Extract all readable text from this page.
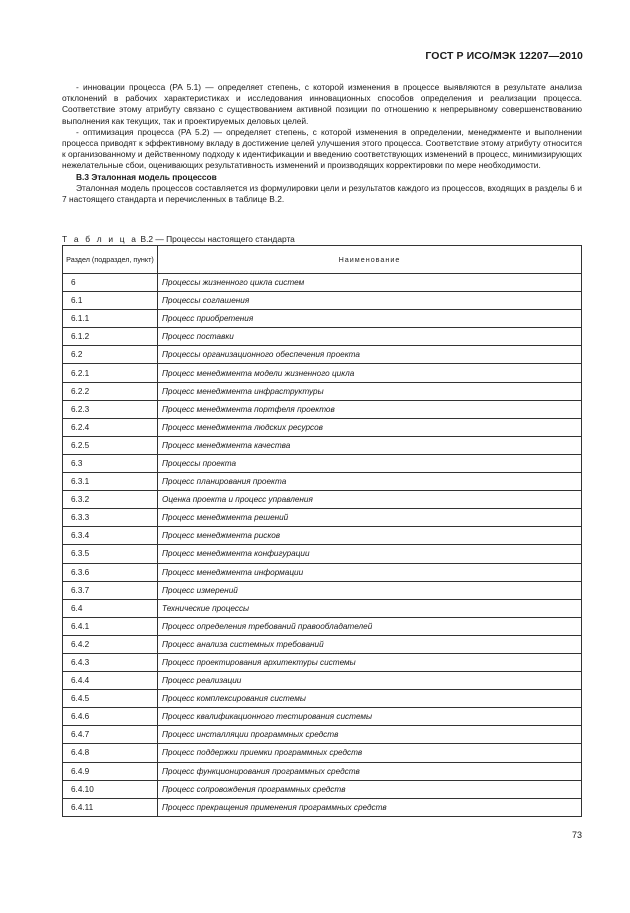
ГОСТ Р ИСО/МЭК 12207—2010

- инновации процесса (PA 5.1) — определяет степень, с которой изменения в процессе выявляются в результате анализа отклонений в рабочих характеристиках и исследования инновационных способов определения и реализации процесса. Соответствие этому атрибуту связано с существованием активной позиции по отношению к непрерывному совершенствованию выполнения как текущих, так и проектируемых деловых целей.

- оптимизация процесса (PA 5.2) — определяет степень, с которой изменения в определении, менеджменте и выполнении процесса приводят к эффективному вкладу в достижение целей улучшения этого процесса. Соответствие этому атрибуту относится к организованному и действенному подходу к идентификации и введению соответствующих изменений в процесс, минимизирующих нежелательные сбои, оценивающих результативность изменений и производящих корректировки по мере необходимости.

В.3 Эталонная модель процессов

Эталонная модель процессов составляется из формулировки цели и результатов каждого из процессов, входящих в разделы 6 и 7 настоящего стандарта и перечисленных в таблице В.2.

Т а б л и ц а В.2 — Процессы настоящего стандарта
Раздел (подраздел, пункт)	Наименование
6	Процессы жизненного цикла систем
6.1	Процессы соглашения
6.1.1	Процесс приобретения
6.1.2	Процесс поставки
6.2	Процессы организационного обеспечения проекта
6.2.1	Процесс менеджмента модели жизненного цикла
6.2.2	Процесс менеджмента инфраструктуры
6.2.3	Процесс менеджмента портфеля проектов
6.2.4	Процесс менеджмента людских ресурсов
6.2.5	Процесс менеджмента качества
6.3	Процессы проекта
6.3.1	Процесс планирования проекта
6.3.2	Оценка проекта и процесс управления
6.3.3	Процесс менеджмента решений
6.3.4	Процесс менеджмента рисков
6.3.5	Процесс менеджмента конфигурации
6.3.6	Процесс менеджмента информации
6.3.7	Процесс измерений
6.4	Технические процессы
6.4.1	Процесс определения требований правообладателей
6.4.2	Процесс анализа системных требований
6.4.3	Процесс проектирования архитектуры системы
6.4.4	Процесс реализации
6.4.5	Процесс комплексирования системы
6.4.6	Процесс квалификационного тестирования системы
6.4.7	Процесс инсталляции программных средств
6.4.8	Процесс поддержки приемки программных средств
6.4.9	Процесс функционирования программных средств
6.4.10	Процесс сопровождения программных средств
6.4.11	Процесс прекращения применения программных средств
73
